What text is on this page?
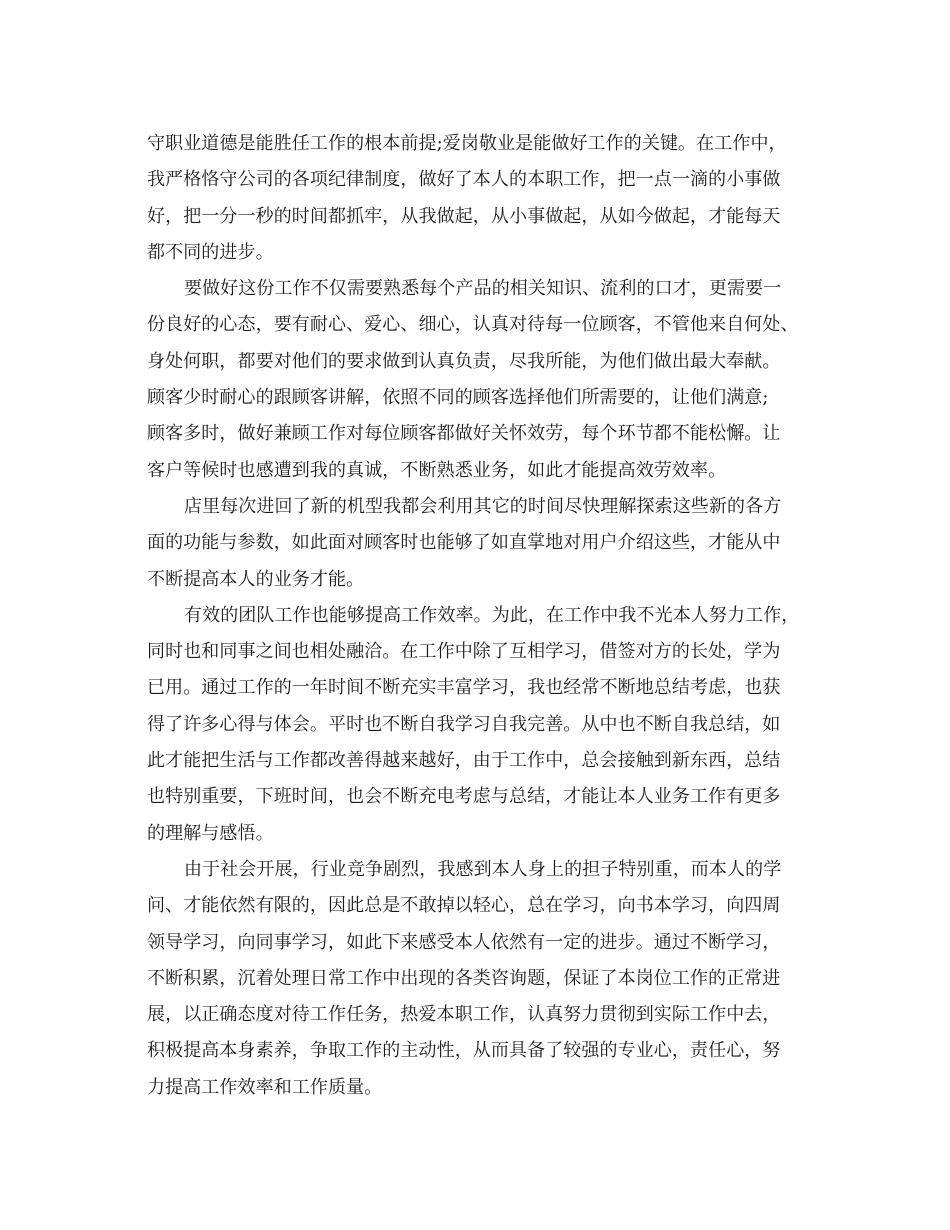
守职业道德是能胜任工作的根本前提;爱岗敬业是能做好工作的关键。在工作中，
我严格恪守公司的各项纪律制度，做好了本人的本职工作，把一点一滴的小事做
好，把一分一秒的时间都抓牢，从我做起，从小事做起，从如今做起，才能每天
都不同的进步。
要做好这份工作不仅需要熟悉每个产品的相关知识、流利的口才，更需要一
份良好的心态，要有耐心、爱心、细心，认真对待每一位顾客，不管他来自何处、
身处何职，都要对他们的要求做到认真负责，尽我所能，为他们做出最大奉献。
顾客少时耐心的跟顾客讲解，依照不同的顾客选择他们所需要的，让他们满意;
顾客多时，做好兼顾工作对每位顾客都做好关怀效劳，每个环节都不能松懈。让
客户等候时也感遭到我的真诚，不断熟悉业务，如此才能提高效劳效率。
店里每次进回了新的机型我都会利用其它的时间尽快理解探索这些新的各方
面的功能与参数，如此面对顾客时也能够了如直掌地对用户介绍这些，才能从中
不断提高本人的业务才能。
有效的团队工作也能够提高工作效率。为此，在工作中我不光本人努力工作，
同时也和同事之间也相处融洽。在工作中除了互相学习，借签对方的长处，学为
已用。通过工作的一年时间不断充实丰富学习，我也经常不断地总结考虑，也获
得了许多心得与体会。平时也不断自我学习自我完善。从中也不断自我总结，如
此才能把生活与工作都改善得越来越好，由于工作中，总会接触到新东西，总结
也特别重要，下班时间，也会不断充电考虑与总结，才能让本人业务工作有更多
的理解与感悟。
由于社会开展，行业竞争剧烈，我感到本人身上的担子特别重，而本人的学
问、才能依然有限的，因此总是不敢掉以轻心，总在学习，向书本学习，向四周
领导学习，向同事学习，如此下来感受本人依然有一定的进步。通过不断学习，
不断积累，沉着处理日常工作中出现的各类咨询题，保证了本岗位工作的正常进
展，以正确态度对待工作任务，热爱本职工作，认真努力贯彻到实际工作中去，
积极提高本身素养，争取工作的主动性，从而具备了较强的专业心，责任心，努
力提高工作效率和工作质量。
